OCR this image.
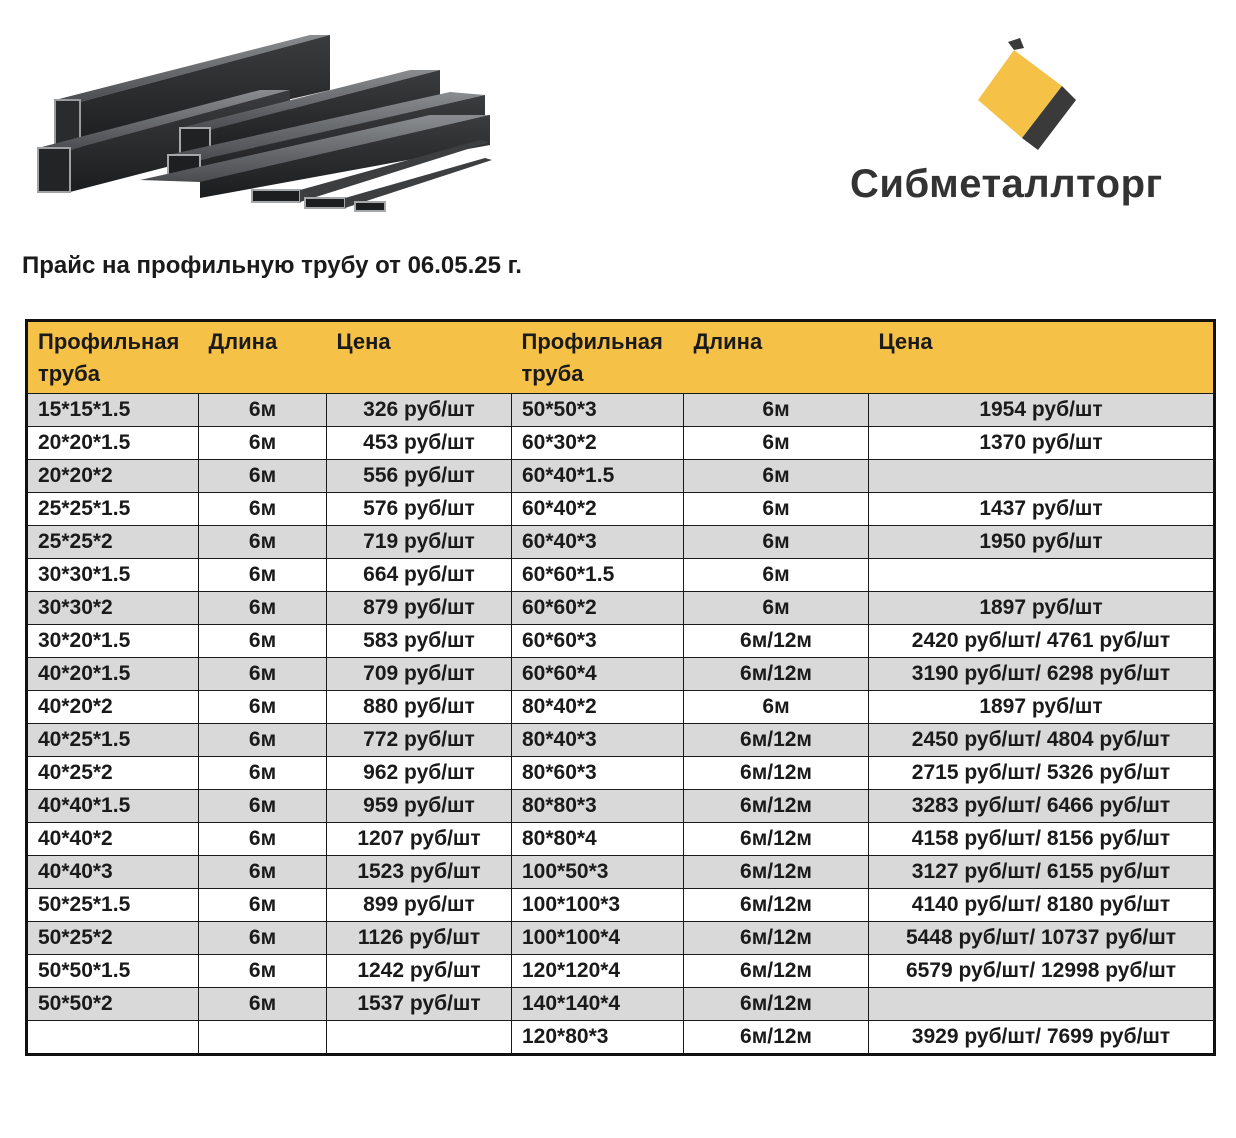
Сибметаллторг
Прайс на профильную трубу от 06.05.25 г.
Профильная труба	Длина	Цена	Профильная труба	Длина	Цена
15*15*1.5	6м	326 руб/шт	50*50*3	6м	1954 руб/шт
20*20*1.5	6м	453 руб/шт	60*30*2	6м	1370 руб/шт
20*20*2	6м	556 руб/шт	60*40*1.5	6м	
25*25*1.5	6м	576 руб/шт	60*40*2	6м	1437 руб/шт
25*25*2	6м	719 руб/шт	60*40*3	6м	1950 руб/шт
30*30*1.5	6м	664 руб/шт	60*60*1.5	6м	
30*30*2	6м	879 руб/шт	60*60*2	6м	1897 руб/шт
30*20*1.5	6м	583 руб/шт	60*60*3	6м/12м	2420 руб/шт/ 4761 руб/шт
40*20*1.5	6м	709 руб/шт	60*60*4	6м/12м	3190 руб/шт/ 6298 руб/шт
40*20*2	6м	880 руб/шт	80*40*2	6м	1897 руб/шт
40*25*1.5	6м	772 руб/шт	80*40*3	6м/12м	2450 руб/шт/ 4804 руб/шт
40*25*2	6м	962 руб/шт	80*60*3	6м/12м	2715 руб/шт/ 5326 руб/шт
40*40*1.5	6м	959 руб/шт	80*80*3	6м/12м	3283 руб/шт/ 6466 руб/шт
40*40*2	6м	1207 руб/шт	80*80*4	6м/12м	4158 руб/шт/ 8156 руб/шт
40*40*3	6м	1523 руб/шт	100*50*3	6м/12м	3127 руб/шт/ 6155 руб/шт
50*25*1.5	6м	899 руб/шт	100*100*3	6м/12м	4140 руб/шт/ 8180 руб/шт
50*25*2	6м	1126 руб/шт	100*100*4	6м/12м	5448 руб/шт/ 10737 руб/шт
50*50*1.5	6м	1242 руб/шт	120*120*4	6м/12м	6579 руб/шт/ 12998 руб/шт
50*50*2	6м	1537 руб/шт	140*140*4	6м/12м	
			120*80*3	6м/12м	3929 руб/шт/ 7699 руб/шт
